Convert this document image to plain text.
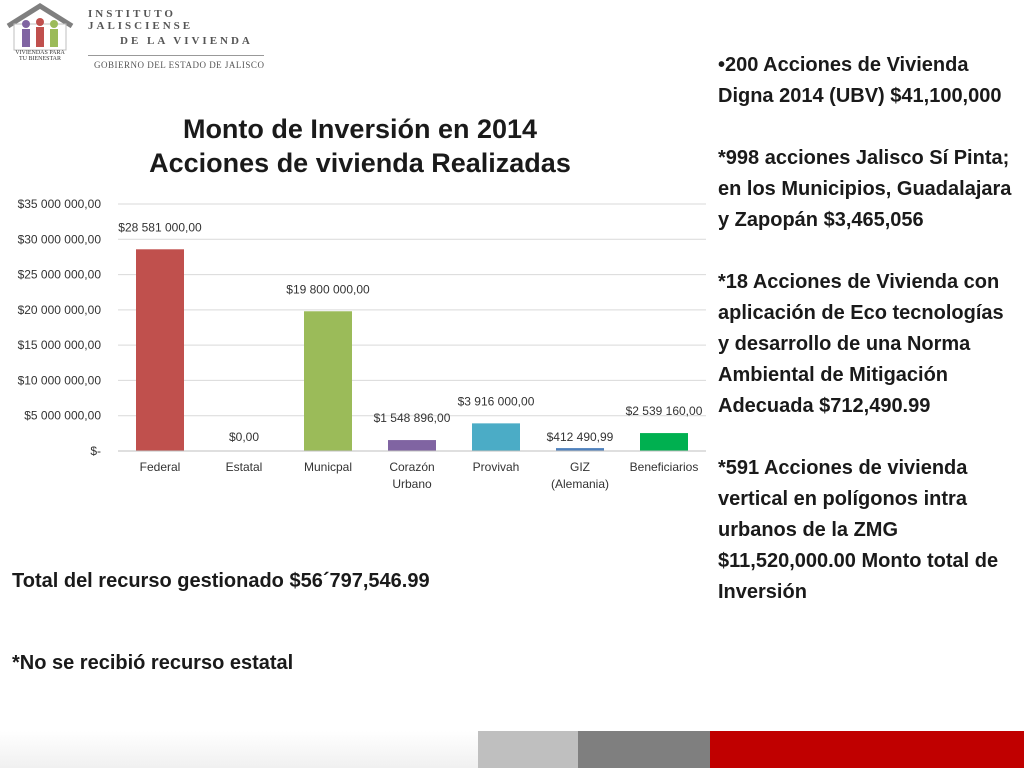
VIVIENDAS PARA
TU BIENESTAR
INSTITUTO JALISCIENSE
DE LA VIVIENDA
GOBIERNO DEL ESTADO DE JALISCO
Monto de Inversión en 2014
Acciones de vivienda Realizadas
$-
$5 000 000,00
$10 000 000,00
$15 000 000,00
$20 000 000,00
$25 000 000,00
$30 000 000,00
$35 000 000,00
$28 581 000,00
$0,00
$19 800 000,00
$1 548 896,00
$3 916 000,00
$412 490,99
$2 539 160,00
Federal	Estatal	Municpal	Corazón
Urbano
Provivah	GIZ
(Alemania)
Beneficiarios
Total del recurso gestionado $56´797,546.99
*No se recibió recurso estatal

•200 Acciones de Vivienda Digna 2014 (UBV) $41,100,000

*998 acciones Jalisco Sí Pinta; en los Municipios, Guadalajara y Zapopán $3,465,056

*18 Acciones de Vivienda con aplicación de Eco tecnologías y desarrollo de una Norma Ambiental de Mitigación Adecuada $712,490.99

*591 Acciones de vivienda vertical en polígonos intra urbanos de la ZMG $11,520,000.00 Monto total de Inversión
